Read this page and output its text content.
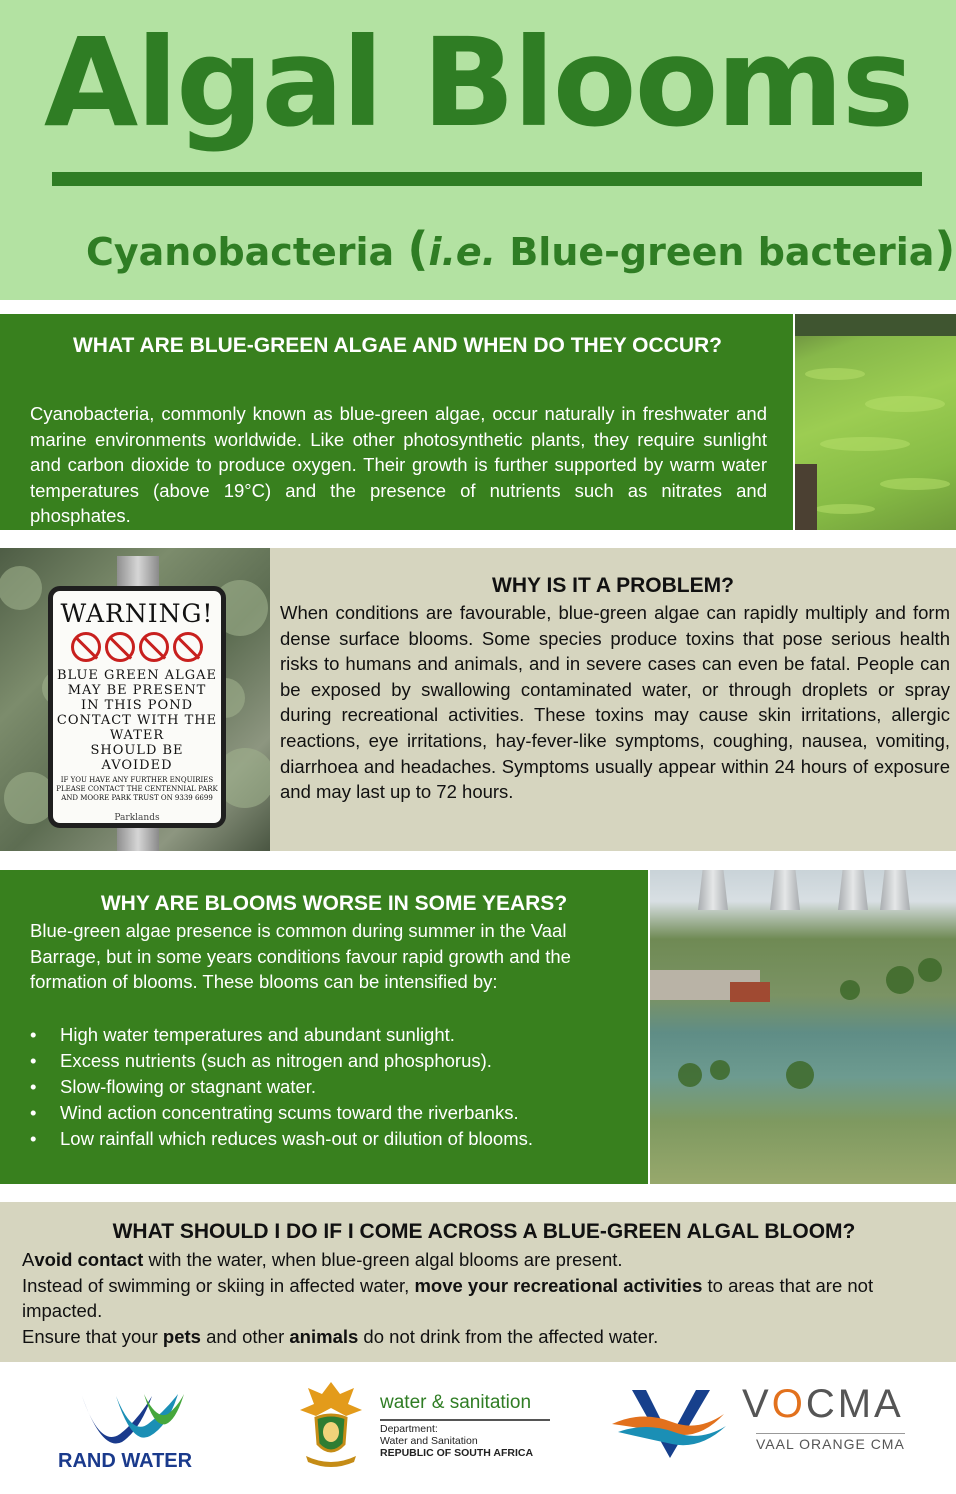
Algal Blooms
Cyanobacteria (i.e. Blue-green bacteria)
WHAT ARE BLUE-GREEN ALGAE AND WHEN DO THEY OCCUR?
Cyanobacteria, commonly known as blue-green algae, occur naturally in freshwater and marine environments worldwide. Like other photosynthetic plants, they require sunlight and carbon dioxide to produce oxygen. Their growth is further supported by warm water temperatures (above 19°C) and the presence of nutrients such as nitrates and phosphates.
WARNING!
BLUE GREEN ALGAE
MAY BE PRESENT
IN THIS POND
CONTACT WITH THE WATER
SHOULD BE AVOIDED
IF YOU HAVE ANY FURTHER ENQUIRIES PLEASE CONTACT THE CENTENNIAL PARK AND MOORE PARK TRUST ON 9339 6699
Parklands
WHY IS IT A PROBLEM?
When conditions are favourable, blue-green algae can rapidly multiply and form dense surface blooms. Some species produce toxins that pose serious health risks to humans and animals, and in severe cases can even be fatal. People can be exposed by swallowing contaminated water, or through droplets or spray during recreational activities. These toxins may cause skin irritations, allergic reactions, eye irritations, hay-fever-like symptoms, coughing, nausea, vomiting, diarrhoea and headaches. Symptoms usually appear within 24 hours of exposure and may last up to 72 hours.
WHY ARE BLOOMS WORSE IN SOME YEARS?
Blue-green algae presence is common during summer in the Vaal Barrage, but in some years conditions favour rapid growth and the formation of blooms. These blooms can be intensified by:
• High water temperatures and abundant sunlight.
• Excess nutrients (such as nitrogen and phosphorus).
• Slow-flowing or stagnant water.
• Wind action concentrating scums toward the riverbanks.
• Low rainfall which reduces wash-out or dilution of blooms.
WHAT SHOULD I DO IF I COME ACROSS A BLUE-GREEN ALGAL BLOOM?
Avoid contact with the water, when blue-green algal blooms are present.
Instead of swimming or skiing in affected water, move your recreational activities to areas that are not impacted.
Ensure that your pets and other animals do not drink from the affected water.
RAND WATER
water & sanitation
Department:
Water and Sanitation
REPUBLIC OF SOUTH AFRICA
VOCMA
VAAL ORANGE CMA
